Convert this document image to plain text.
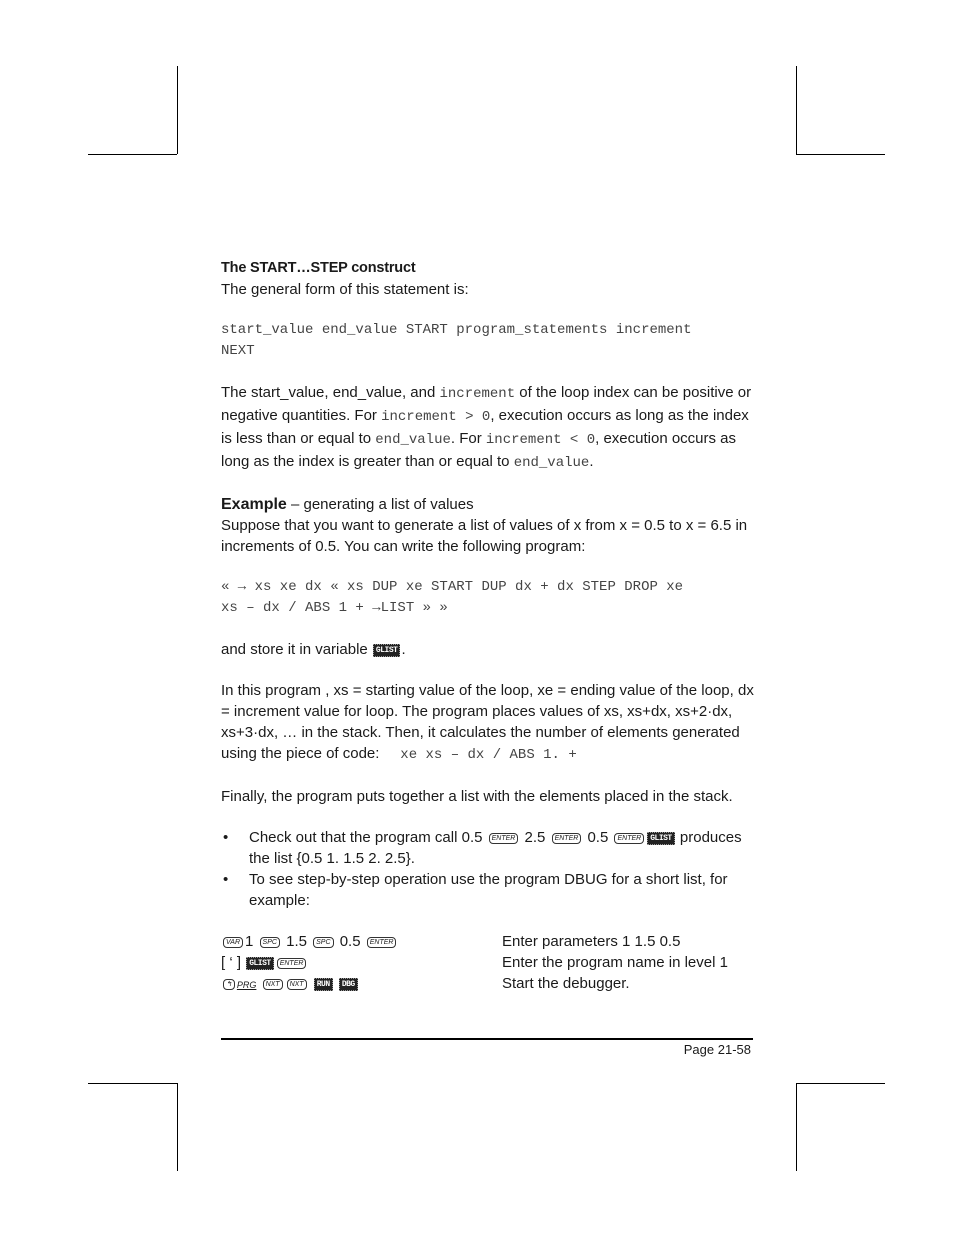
The START…STEP construct
The general form of this statement is:
start_value end_value START program_statements increment
NEXT
The start_value, end_value, and increment of the loop index can be positive or negative quantities. For increment > 0, execution occurs as long as the index is less than or equal to end_value. For increment < 0, execution occurs as long as the index is greater than or equal to end_value.
Example – generating a list of values
Suppose that you want to generate a list of values of x from x = 0.5 to x = 6.5 in increments of 0.5. You can write the following program:
« → xs xe dx « xs DUP xe START DUP dx + dx STEP DROP xe
xs – dx / ABS 1 + →LIST » »
and store it in variable GLIST .
In this program , xs = starting value of the loop, xe = ending value of the loop, dx = increment value for loop. The program places values of xs, xs+dx, xs+2·dx, xs+3·dx, … in the stack. Then, it calculates the number of elements generated using the piece of code: xe xs – dx / ABS 1. +
Finally, the program puts together a list with the elements placed in the stack.
• Check out that the program call 0.5 ENTER 2.5 ENTER 0.5 ENTER GLIST produces the list {0.5 1. 1.5 2. 2.5}.
• To see step-by-step operation use the program DBUG for a short list, for example:
VAR 1 SPC 1.5 SPC 0.5 ENTER	Enter parameters 1 1.5 0.5
[ ‘ ] GLIST ENTER	Enter the program name in level 1
↰ PRG NXT NXT RUN DBG	Start the debugger.
Page 21-58
